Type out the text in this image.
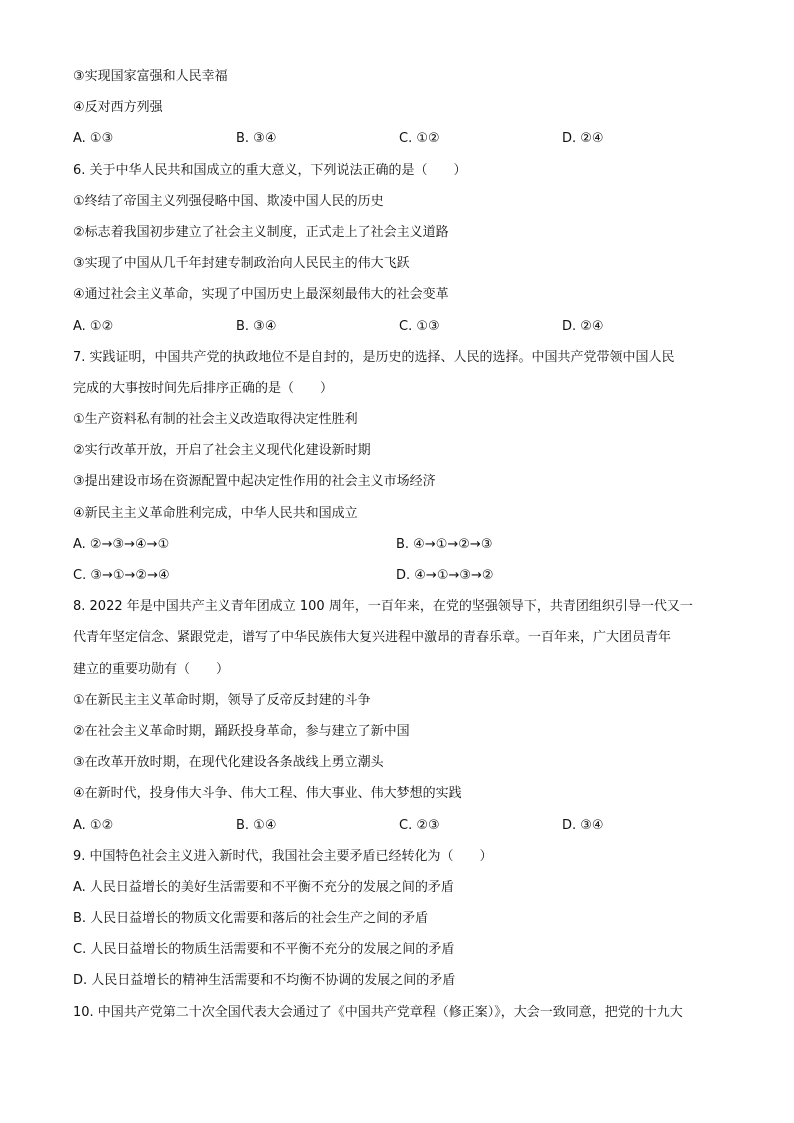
③实现国家富强和人民幸福
④反对西方列强
A. ①③	B. ③④	C. ①②	D. ②④
6. 关于中华人民共和国成立的重大意义，下列说法正确的是（　　）
①终结了帝国主义列强侵略中国、欺凌中国人民的历史
②标志着我国初步建立了社会主义制度，正式走上了社会主义道路
③实现了中国从几千年封建专制政治向人民民主的伟大飞跃
④通过社会主义革命，实现了中国历史上最深刻最伟大的社会变革
A. ①②	B. ③④	C. ①③	D. ②④
7. 实践证明，中国共产党的执政地位不是自封的，是历史的选择、人民的选择。中国共产党带领中国人民
完成的大事按时间先后排序正确的是（　　）
①生产资料私有制的社会主义改造取得决定性胜利
②实行改革开放，开启了社会主义现代化建设新时期
③提出建设市场在资源配置中起决定性作用的社会主义市场经济
④新民主主义革命胜利完成，中华人民共和国成立
A. ②→③→④→①	B. ④→①→②→③
C. ③→①→②→④	D. ④→①→③→②
8. 2022 年是中国共产主义青年团成立 100 周年，一百年来，在党的坚强领导下，共青团组织引导一代又一
代青年坚定信念、紧跟党走，谱写了中华民族伟大复兴进程中激昂的青春乐章。一百年来，广大团员青年
建立的重要功勋有（　　）
①在新民主主义革命时期，领导了反帝反封建的斗争
②在社会主义革命时期，踊跃投身革命，参与建立了新中国
③在改革开放时期，在现代化建设各条战线上勇立潮头
④在新时代，投身伟大斗争、伟大工程、伟大事业、伟大梦想的实践
A. ①②	B. ①④	C. ②③	D. ③④
9. 中国特色社会主义进入新时代，我国社会主要矛盾已经转化为（　　）
A. 人民日益增长的美好生活需要和不平衡不充分的发展之间的矛盾
B. 人民日益增长的物质文化需要和落后的社会生产之间的矛盾
C. 人民日益增长的物质生活需要和不平衡不充分的发展之间的矛盾
D. 人民日益增长的精神生活需要和不均衡不协调的发展之间的矛盾
10. 中国共产党第二十次全国代表大会通过了《中国共产党章程（修正案）》，大会一致同意，把党的十九大
